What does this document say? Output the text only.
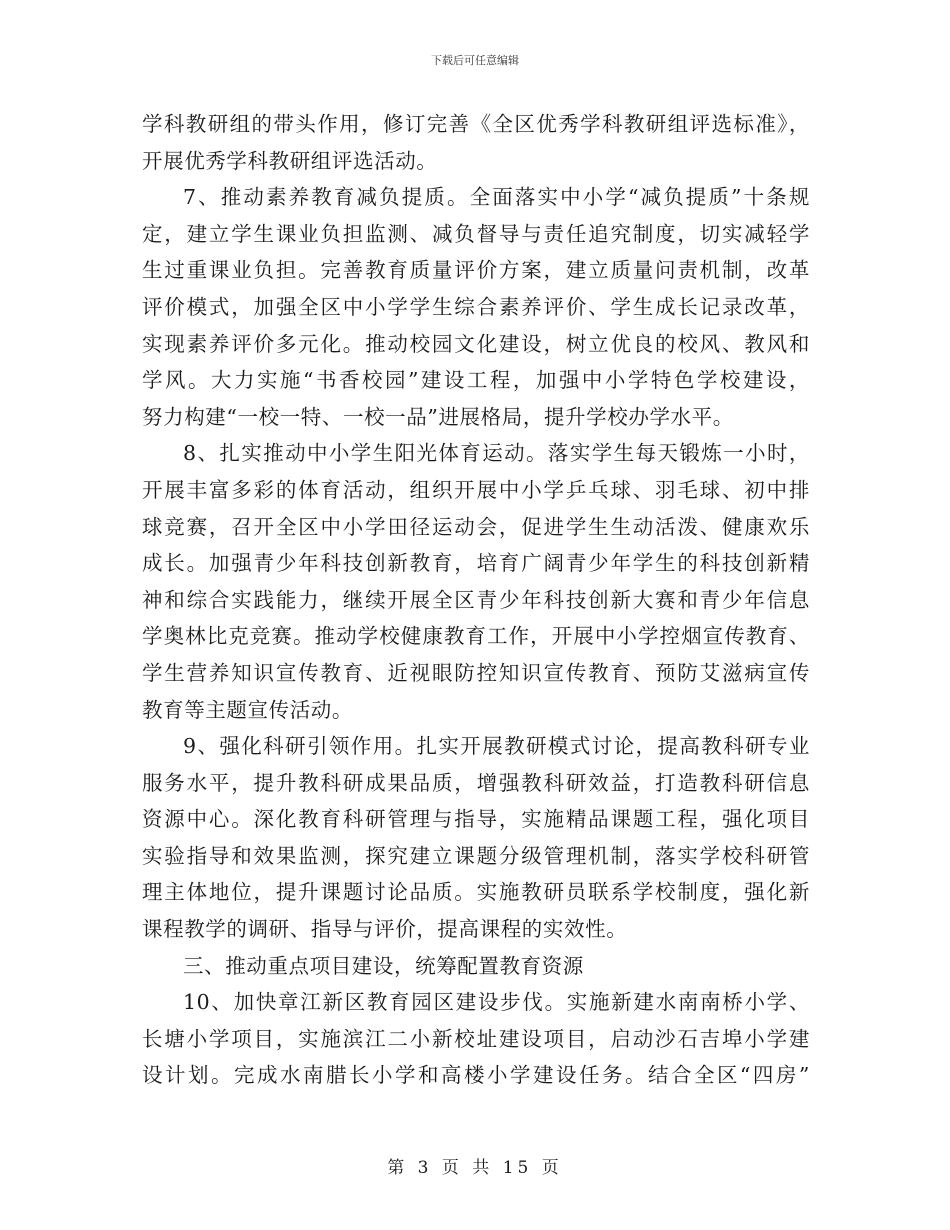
下载后可任意编辑
学科教研组的带头作用，修订完善《全区优秀学科教研组评选标准》，
开展优秀学科教研组评选活动。
7、推动素养教育减负提质。全面落实中小学“减负提质”十条规
定，建立学生课业负担监测、减负督导与责任追究制度，切实减轻学
生过重课业负担。完善教育质量评价方案，建立质量问责机制，改革
评价模式，加强全区中小学学生综合素养评价、学生成长记录改革，
实现素养评价多元化。推动校园文化建设，树立优良的校风、教风和
学风。大力实施“书香校园”建设工程，加强中小学特色学校建设，
努力构建“一校一特、一校一品”进展格局，提升学校办学水平。
8、扎实推动中小学生阳光体育运动。落实学生每天锻炼一小时，
开展丰富多彩的体育活动，组织开展中小学乒乓球、羽毛球、初中排
球竞赛，召开全区中小学田径运动会，促进学生生动活泼、健康欢乐
成长。加强青少年科技创新教育，培育广阔青少年学生的科技创新精
神和综合实践能力，继续开展全区青少年科技创新大赛和青少年信息
学奥林比克竞赛。推动学校健康教育工作，开展中小学控烟宣传教育、
学生营养知识宣传教育、近视眼防控知识宣传教育、预防艾滋病宣传
教育等主题宣传活动。
9、强化科研引领作用。扎实开展教研模式讨论，提高教科研专业
服务水平，提升教科研成果品质，增强教科研效益，打造教科研信息
资源中心。深化教育科研管理与指导，实施精品课题工程，强化项目
实验指导和效果监测，探究建立课题分级管理机制，落实学校科研管
理主体地位，提升课题讨论品质。实施教研员联系学校制度，强化新
课程教学的调研、指导与评价，提高课程的实效性。
三、推动重点项目建设，统筹配置教育资源
10、加快章江新区教育园区建设步伐。实施新建水南南桥小学、
长塘小学项目，实施滨江二小新校址建设项目，启动沙石吉埠小学建
设计划。完成水南腊长小学和高楼小学建设任务。结合全区“四房”
第 3 页 共 15 页
